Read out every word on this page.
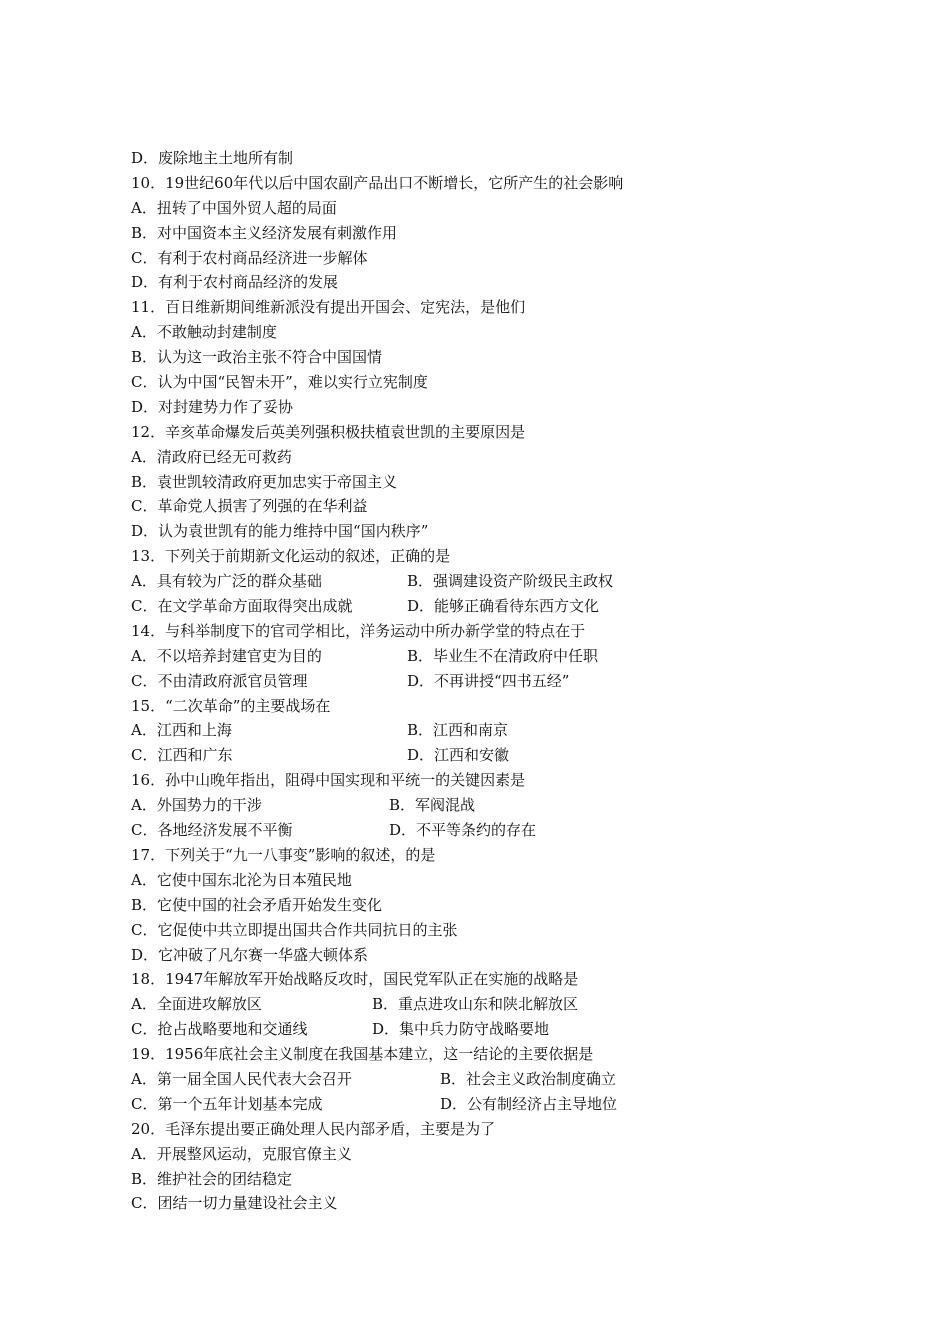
D．废除地主土地所有制
10．19世纪60年代以后中国农副产品出口不断增长，它所产生的社会影响
A．扭转了中国外贸人超的局面
B．对中国资本主义经济发展有刺激作用
C．有利于农村商品经济进一步解体
D．有利于农村商品经济的发展
11．百日维新期间维新派没有提出开国会、定宪法，是他们
A．不敢触动封建制度
B．认为这一政治主张不符合中国国情
C．认为中国“民智未开”，难以实行立宪制度
D．对封建势力作了妥协
12．辛亥革命爆发后英美列强积极扶植袁世凯的主要原因是
A．清政府已经无可救药
B．袁世凯较清政府更加忠实于帝国主义
C．革命党人损害了列强的在华利益
D．认为袁世凯有的能力维持中国“国内秩序”
13．下列关于前期新文化运动的叙述，正确的是
A．具有较为广泛的群众基础	B．强调建设资产阶级民主政权
C．在文学革命方面取得突出成就	D．能够正确看待东西方文化
14．与科举制度下的官司学相比，洋务运动中所办新学堂的特点在于
A．不以培养封建官吏为目的	B．毕业生不在清政府中任职
C．不由清政府派官员管理	D．不再讲授“四书五经”
15．“二次革命”的主要战场在
A．江西和上海	B．江西和南京
C．江西和广东	D．江西和安徽
16．孙中山晚年指出，阻碍中国实现和平统一的关键因素是
A．外国势力的干涉	B．军阀混战
C．各地经济发展不平衡	D．不平等条约的存在
17．下列关于“九一八事变”影响的叙述，的是
A．它使中国东北沦为日本殖民地
B．它使中国的社会矛盾开始发生变化
C．它促使中共立即提出国共合作共同抗日的主张
D．它冲破了凡尔赛一华盛大顿体系
18．1947年解放军开始战略反攻时，国民党军队正在实施的战略是
A．全面进攻解放区	B．重点进攻山东和陕北解放区
C．抢占战略要地和交通线	D．集中兵力防守战略要地
19．1956年底社会主义制度在我国基本建立，这一结论的主要依据是
A．第一届全国人民代表大会召开	B．社会主义政治制度确立
C．第一个五年计划基本完成	D．公有制经济占主导地位
20．毛泽东提出要正确处理人民内部矛盾，主要是为了
A．开展整风运动，克服官僚主义
B．维护社会的团结稳定
C．团结一切力量建设社会主义
